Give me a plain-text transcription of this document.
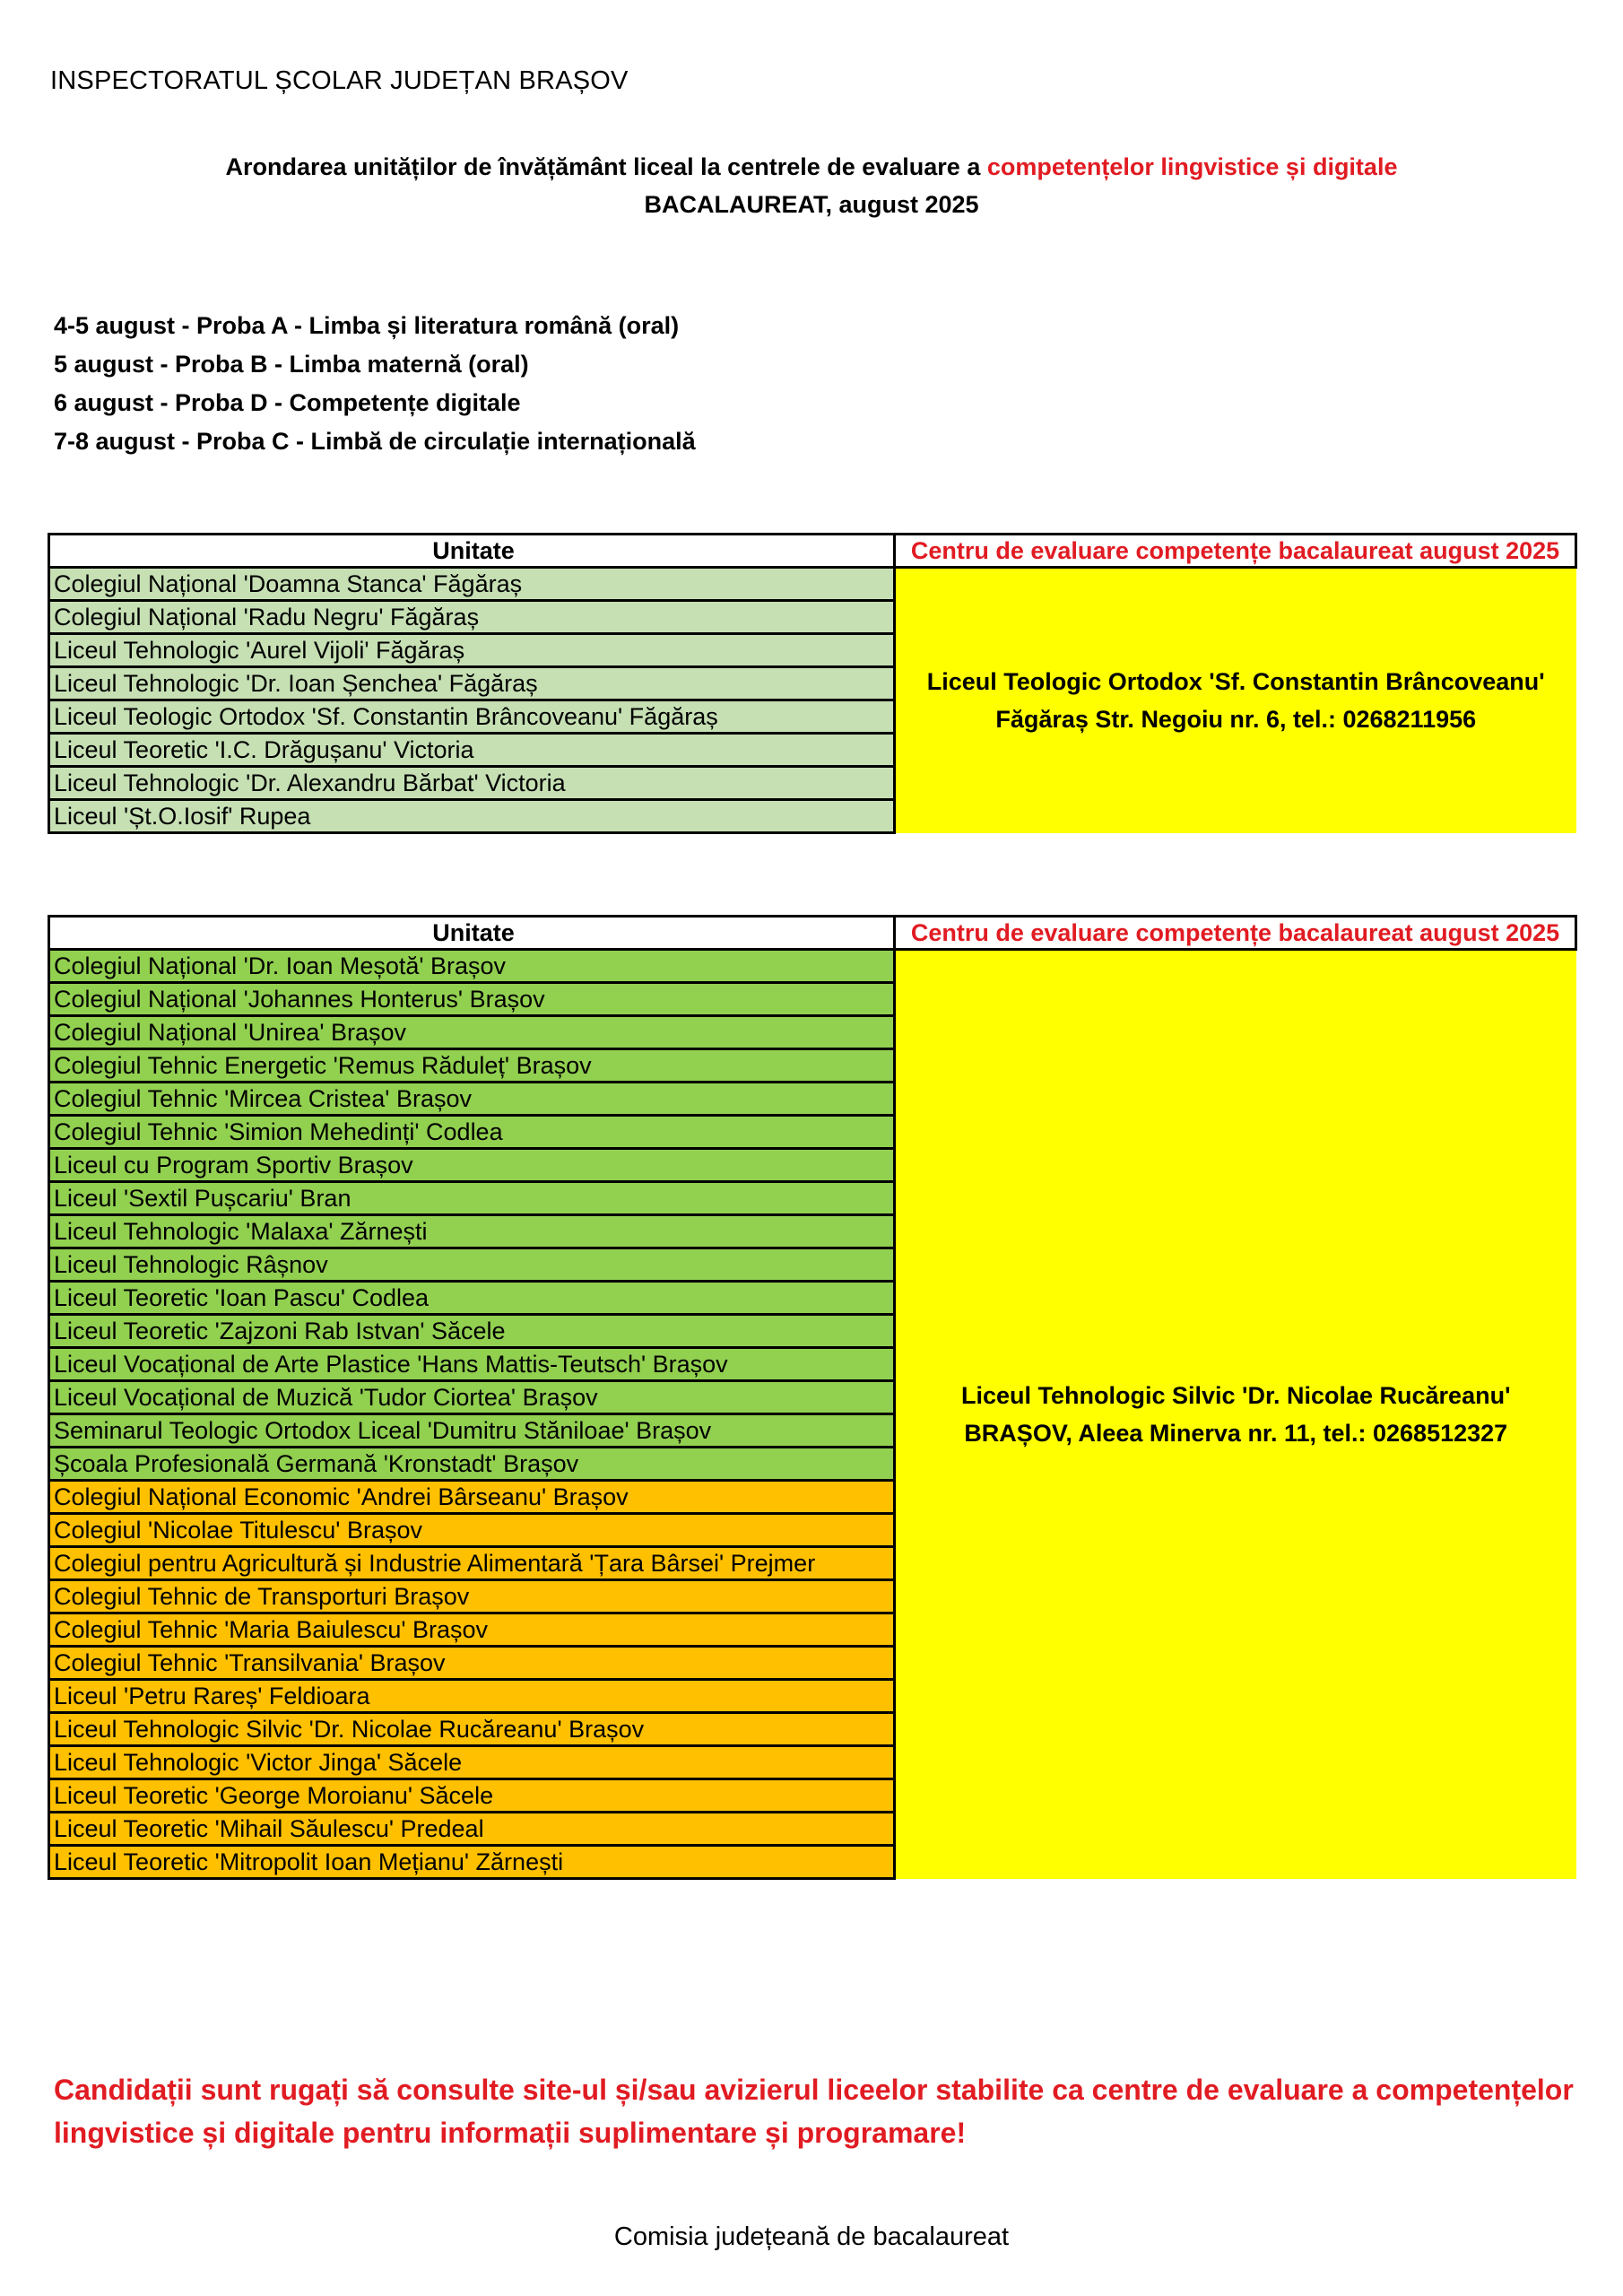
INSPECTORATUL ȘCOLAR JUDEȚAN BRAȘOV
Arondarea unităților de învățământ liceal la centrele de evaluare a competențelor lingvistice și digitale
BACALAUREAT, august 2025
4-5 august - Proba A - Limba și literatura română (oral)
5 august - Proba B - Limba maternă (oral)
6 august - Proba D - Competențe digitale
7-8 august - Proba C - Limbă de circulație internațională
Unitate	Centru de evaluare competențe bacalaureat august 2025
Colegiul Național 'Doamna Stanca' Făgăraș	Liceul Teologic Ortodox 'Sf. Constantin Brâncoveanu'
Făgăraș Str. Negoiu nr. 6, tel.: 0268211956

Colegiul Național 'Radu Negru' Făgăraș	
Liceul Tehnologic 'Aurel Vijoli' Făgăraș	
Liceul Tehnologic 'Dr. Ioan Șenchea' Făgăraș	
Liceul Teologic Ortodox 'Sf. Constantin Brâncoveanu' Făgăraș	
Liceul Teoretic 'I.C. Drăgușanu' Victoria	
Liceul Tehnologic 'Dr. Alexandru Bărbat' Victoria	
Liceul 'Șt.O.Iosif' Rupea	
Unitate	Centru de evaluare competențe bacalaureat august 2025
Colegiul Național 'Dr. Ioan Meșotă' Brașov	Liceul Tehnologic Silvic 'Dr. Nicolae Rucăreanu'
BRAȘOV, Aleea Minerva nr. 11, tel.: 0268512327

Colegiul Național 'Johannes Honterus' Brașov	
Colegiul Național 'Unirea' Brașov	
Colegiul Tehnic Energetic 'Remus Răduleț' Brașov	
Colegiul Tehnic 'Mircea Cristea' Brașov	
Colegiul Tehnic 'Simion Mehedinți' Codlea	
Liceul cu Program Sportiv Brașov	
Liceul 'Sextil Pușcariu' Bran	
Liceul Tehnologic 'Malaxa' Zărnești	
Liceul Tehnologic Râșnov	
Liceul Teoretic 'Ioan Pascu' Codlea	
Liceul Teoretic 'Zajzoni Rab Istvan' Săcele	
Liceul Vocațional de Arte Plastice 'Hans Mattis-Teutsch' Brașov	
Liceul Vocațional de Muzică 'Tudor Ciortea' Brașov	
Seminarul Teologic Ortodox Liceal 'Dumitru Stăniloae' Brașov	
Școala Profesională Germană 'Kronstadt' Brașov	
Colegiul Național Economic 'Andrei Bârseanu' Brașov	
Colegiul 'Nicolae Titulescu' Brașov	
Colegiul pentru Agricultură și Industrie Alimentară 'Țara Bârsei' Prejmer	
Colegiul Tehnic de Transporturi Brașov	
Colegiul Tehnic 'Maria Baiulescu' Brașov	
Colegiul Tehnic 'Transilvania' Brașov	
Liceul 'Petru Rareș' Feldioara	
Liceul Tehnologic Silvic 'Dr. Nicolae Rucăreanu' Brașov	
Liceul Tehnologic 'Victor Jinga' Săcele	
Liceul Teoretic 'George Moroianu' Săcele	
Liceul Teoretic 'Mihail Săulescu' Predeal	
Liceul Teoretic 'Mitropolit Ioan Mețianu' Zărnești	
Candidații sunt rugați să consulte site-ul și/sau avizierul liceelor stabilite ca centre de evaluare a competențelor lingvistice și digitale pentru informații suplimentare și programare!
Comisia județeană de bacalaureat
